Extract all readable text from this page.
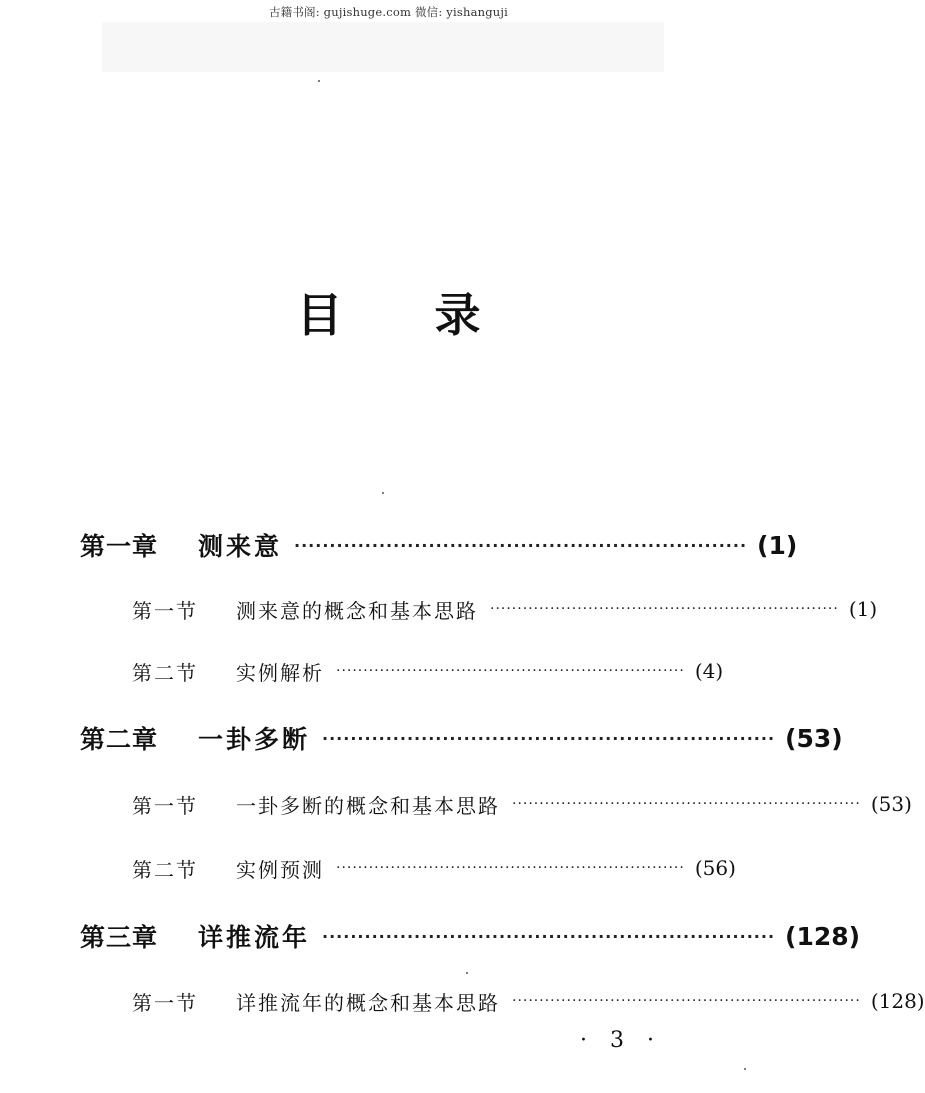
古籍书阁: gujishuge.com 微信: yishanguji
目 录
第一章	测来意 ································································ (1)
第一节	测来意的概念和基本思路 ································································ (1)
第二节	实例解析 ································································ (4)
第二章	一卦多断 ································································ (53)
第一节	一卦多断的概念和基本思路 ································································ (53)
第二节	实例预测 ································································ (56)
第三章	详推流年 ································································ (128)
第一节	详推流年的概念和基本思路 ································································ (128)
· 3 ·
